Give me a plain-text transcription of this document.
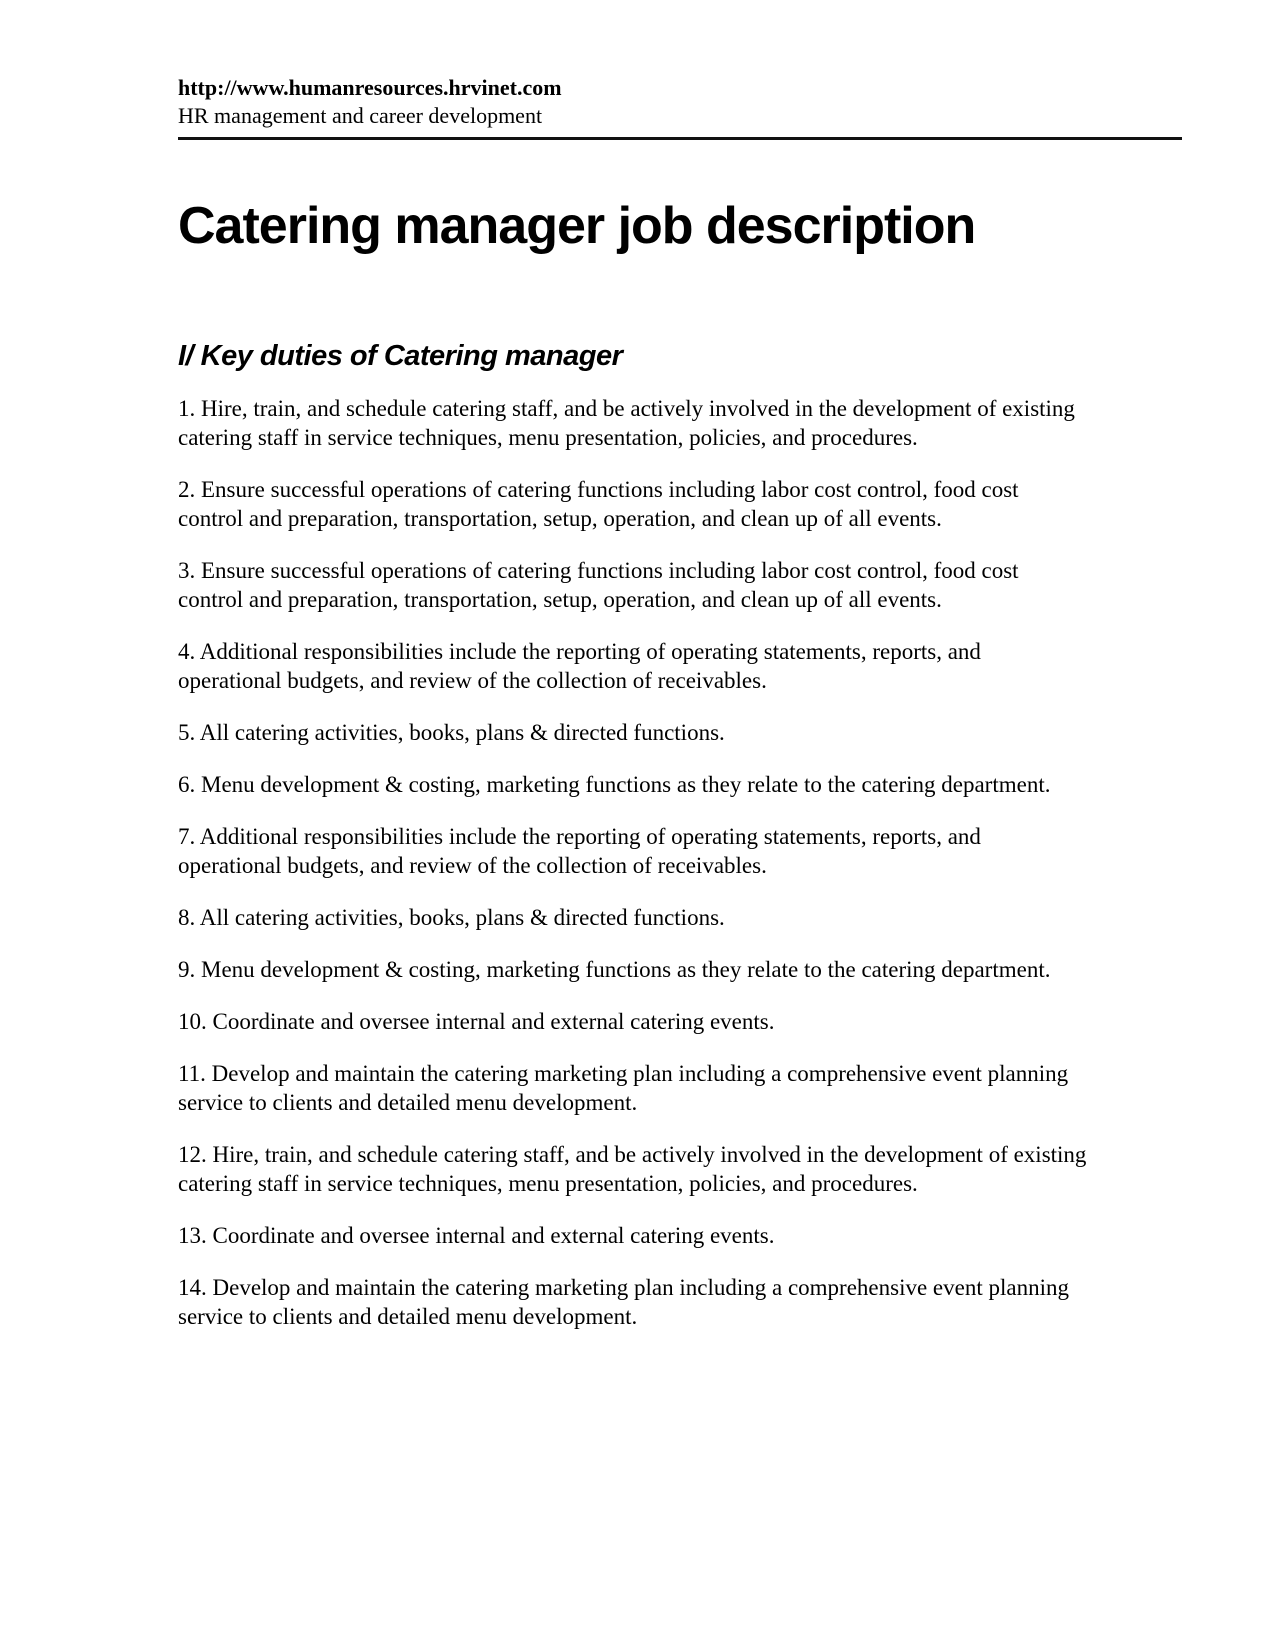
http://www.humanresources.hrvinet.com
HR management and career development
Catering manager job description
I/ Key duties of Catering manager

1. Hire, train, and schedule catering staff, and be actively involved in the development of existing catering staff in service techniques, menu presentation, policies, and procedures.

2. Ensure successful operations of catering functions including labor cost control, food cost control and preparation, transportation, setup, operation, and clean up of all events.

3. Ensure successful operations of catering functions including labor cost control, food cost control and preparation, transportation, setup, operation, and clean up of all events.

4. Additional responsibilities include the reporting of operating statements, reports, and operational budgets, and review of the collection of receivables.

5. All catering activities, books, plans & directed functions.

6. Menu development & costing, marketing functions as they relate to the catering department.

7. Additional responsibilities include the reporting of operating statements, reports, and operational budgets, and review of the collection of receivables.

8. All catering activities, books, plans & directed functions.

9. Menu development & costing, marketing functions as they relate to the catering department.

10. Coordinate and oversee internal and external catering events.

11. Develop and maintain the catering marketing plan including a comprehensive event planning service to clients and detailed menu development.

12. Hire, train, and schedule catering staff, and be actively involved in the development of existing catering staff in service techniques, menu presentation, policies, and procedures.

13. Coordinate and oversee internal and external catering events.

14. Develop and maintain the catering marketing plan including a comprehensive event planning service to clients and detailed menu development.
